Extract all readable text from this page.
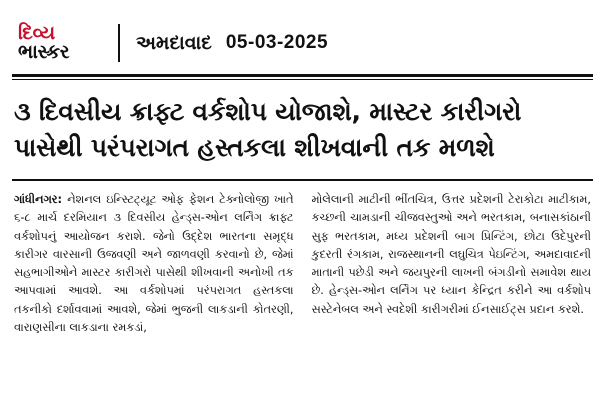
દિવ્ય
ભાસ્કર	અમદાવાદ 05-03-2025
૩ દિવસીય ક્રાફ્ટ વર્કશોપ યોજાશે, માસ્ટર કારીગરો
પાસેથી પરંપરાગત હસ્તકલા શીખવાની તક મળશે

ગાંધીનગર: નેશનલ ઇન્સ્ટિટ્યૂટ ઓફ ફેશન ટેક્નોલોજી ખાતે ૬-૮ માર્ચ દરમિયાન ૩ દિવસીય હેન્ડ્સ-ઓન લર્નિંગ ક્રાફ્ટ વર્કશોપનું આયોજન કરાશે. જેનો ઉદ્દેશ ભારતના સમૃદ્ધ કારીગર વારસાની ઉજવણી અને જાળવણી કરવાનો છે, જેમાં સહભાગીઓને માસ્ટર કારીગરો પાસેથી શીખવાની અનોખી તક આપવામાં આવશે. આ વર્કશોપમાં પરંપરાગત હસ્તકલા તકનીકો દર્શાવવામાં આવશે, જેમાં ભુજની લાકડાની કોતરણી, વારાણસીના લાકડાના રમકડાં,

મોલેલાની માટીની ભીંતચિત્ર, ઉત્તર પ્રદેશની ટેરાકોટા માટીકામ, કચ્છની ચામડાની ચીજવસ્તુઓ અને ભરતકામ, બનાસકાંઠાની સુફ ભરતકામ, મધ્ય પ્રદેશની બાગ પ્રિન્ટિંગ, છોટા ઉદેપુરની કુદરતી રંગકામ, રાજસ્થાનની લઘુચિત્ર પેઇન્ટિંગ, અમદાવાદની માતાની પછેડી અને જયપુરની લાખની બંગડીનો સમાવેશ થાય છે. હેન્ડ્સ-ઓન લર્નિંગ પર ધ્યાન કેન્દ્રિત કરીને આ વર્કશોપ સસ્ટેનેબલ અને સ્વદેશી કારીગરીમાં ઈનસાઈટ્સ પ્રદાન કરશે.
